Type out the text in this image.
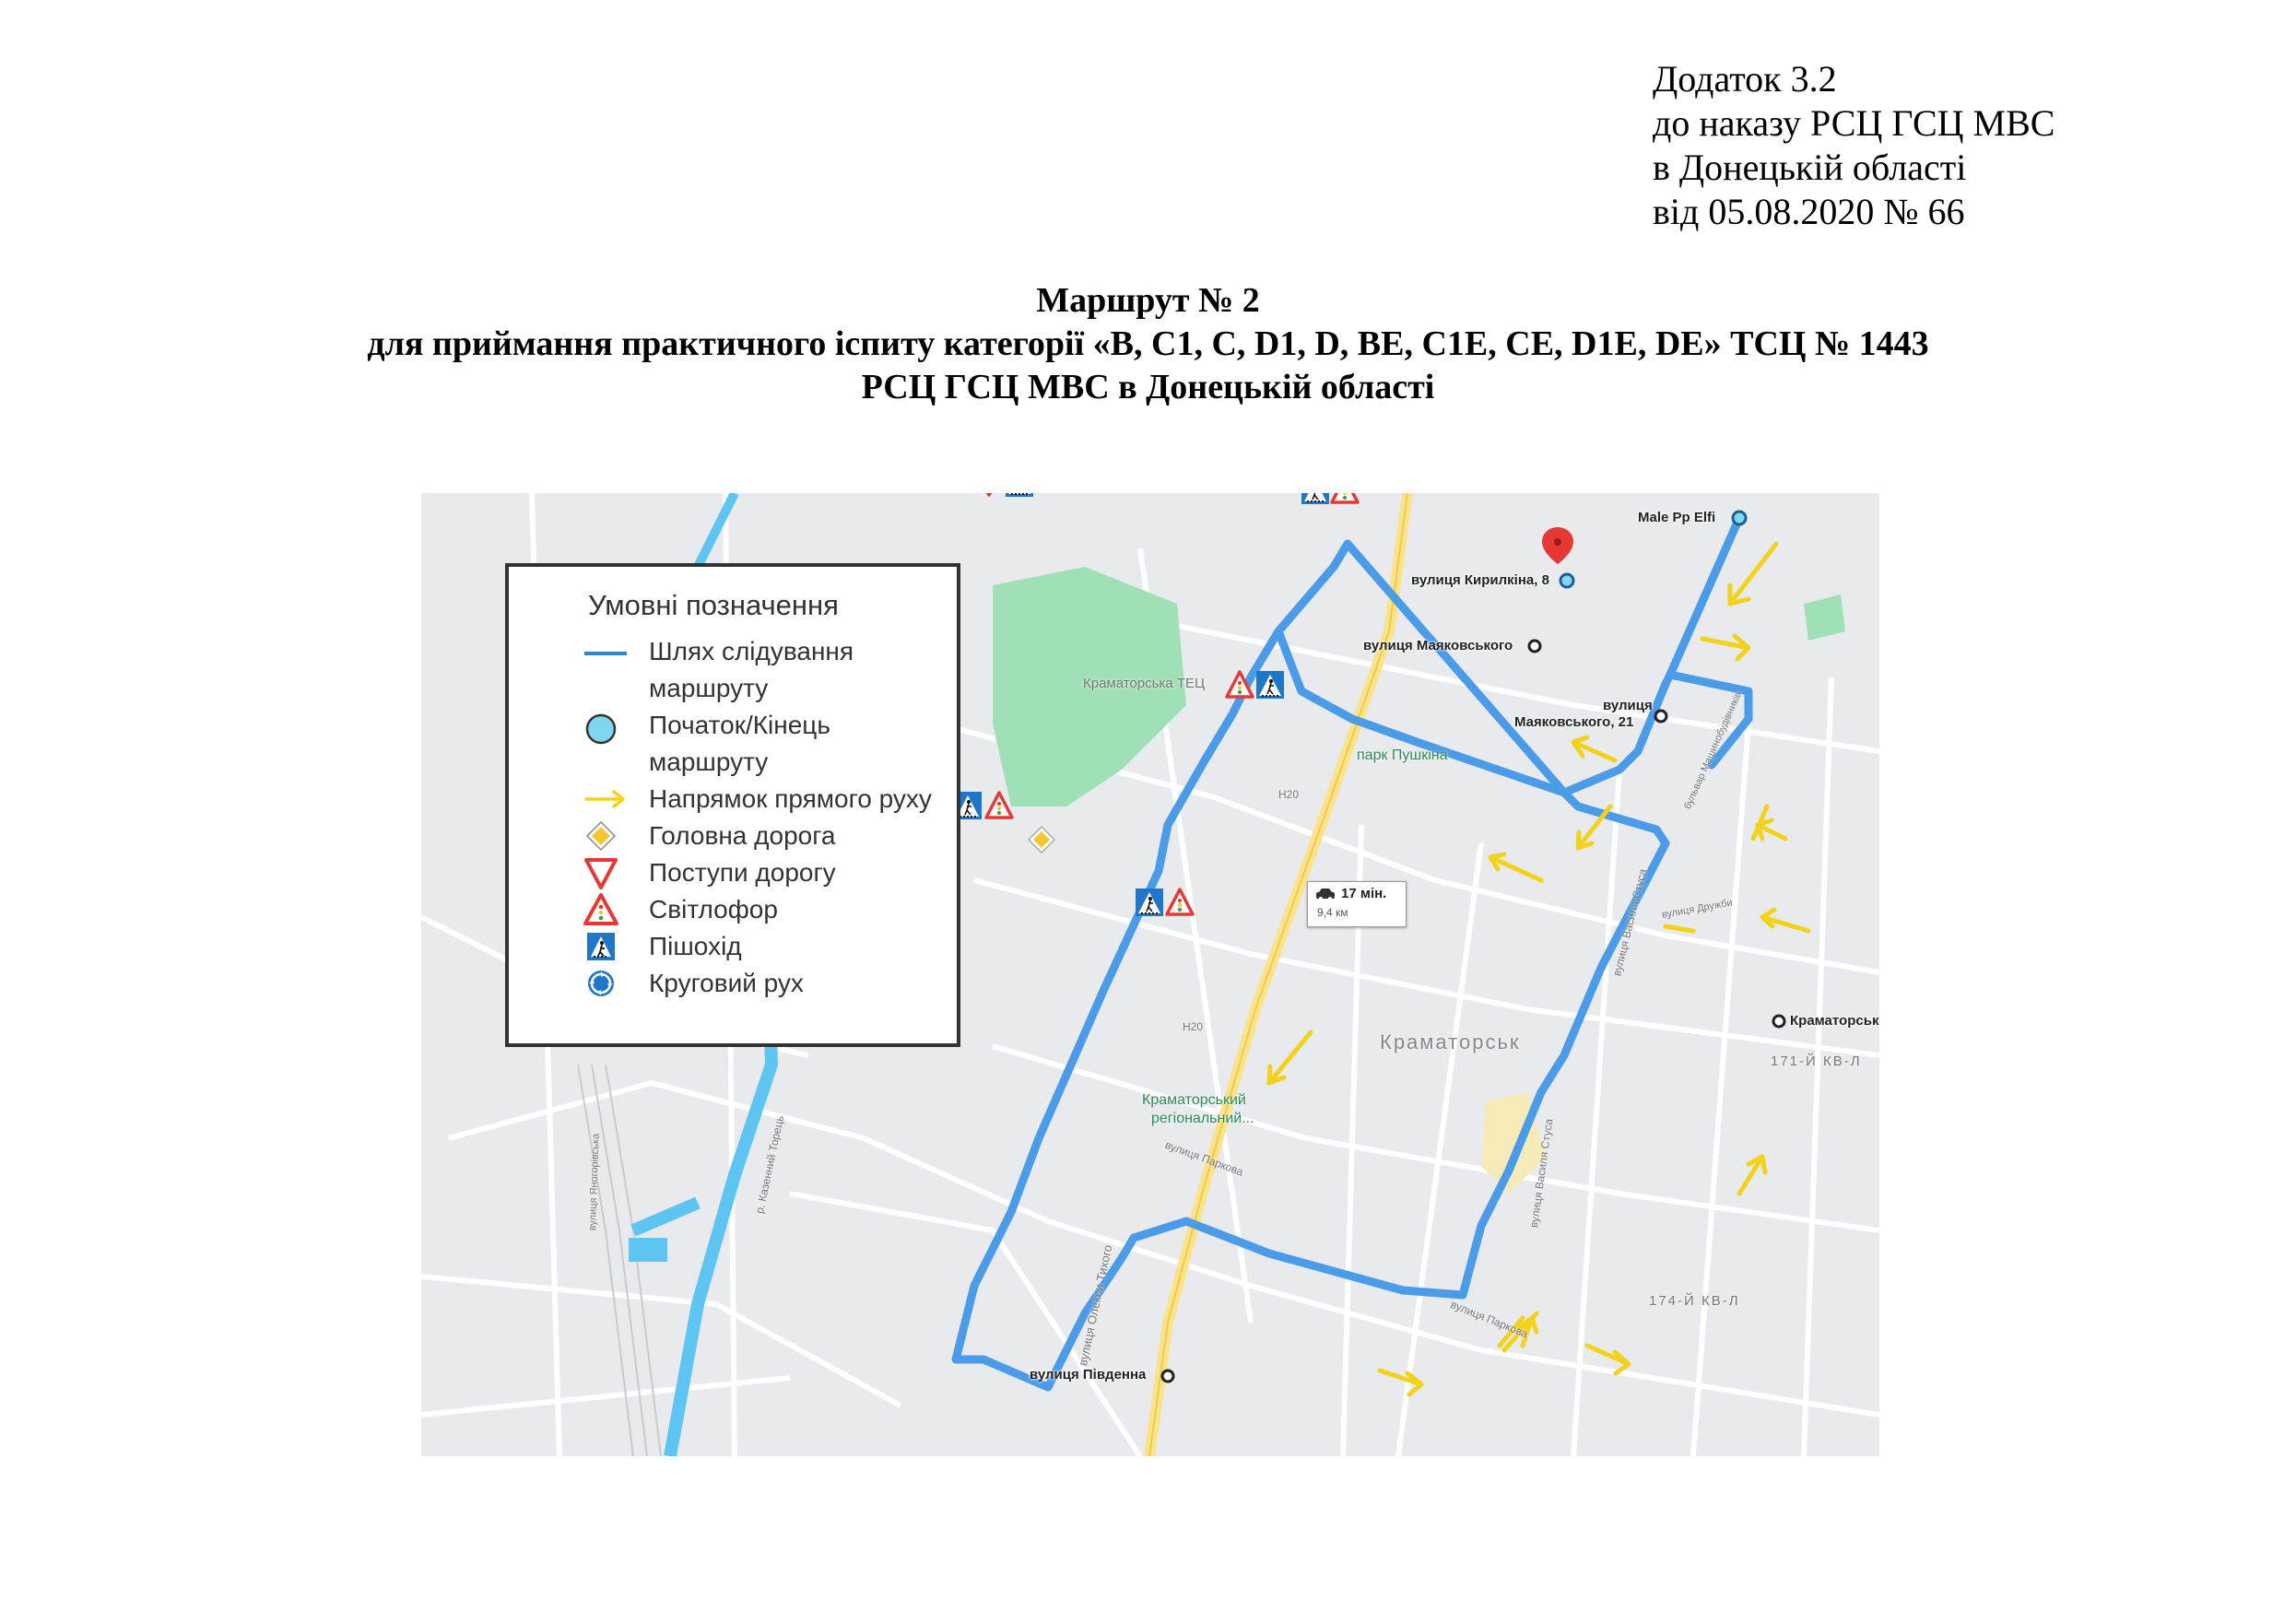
Додаток 3.2
до наказу РСЦ ГСЦ МВС
в Донецькій області
від 05.08.2020 № 66
Маршрут № 2
для приймання практичного іспиту категорії «В, С1, С, D1, D, BE, C1E, CE, D1E, DE» ТСЦ № 1443
РСЦ ГСЦ МВС в Донецькій області
Male Pp Elfi
вулиця Кирилкіна, 8
вулиця Маяковського
вулиця
Маяковського, 21
Краматорськ
вулиця Південна
Краматорська ТЕЦ
парк Пушкіна
Краматорськ
171-Й КВ-Л
174-Й КВ-Л
H20
H20
Краматорський
регіональний...
вулиця Паркова
вулиця Паркова
вулиця Олекси Тихого
вулиця Василя Стуса
вулиця Василя Стуса
р. Казенний Торець
вулиця Яногорівська
вулиця Дружби
бульвар Машинобудівників
17 мін.
9,4 км
Умовні позначення
Шлях слідування
маршруту
Початок/Кінець
маршруту
Напрямок прямого руху
Головна дорога
Поступи дорогу
Світлофор
Пішохід
Круговий рух
